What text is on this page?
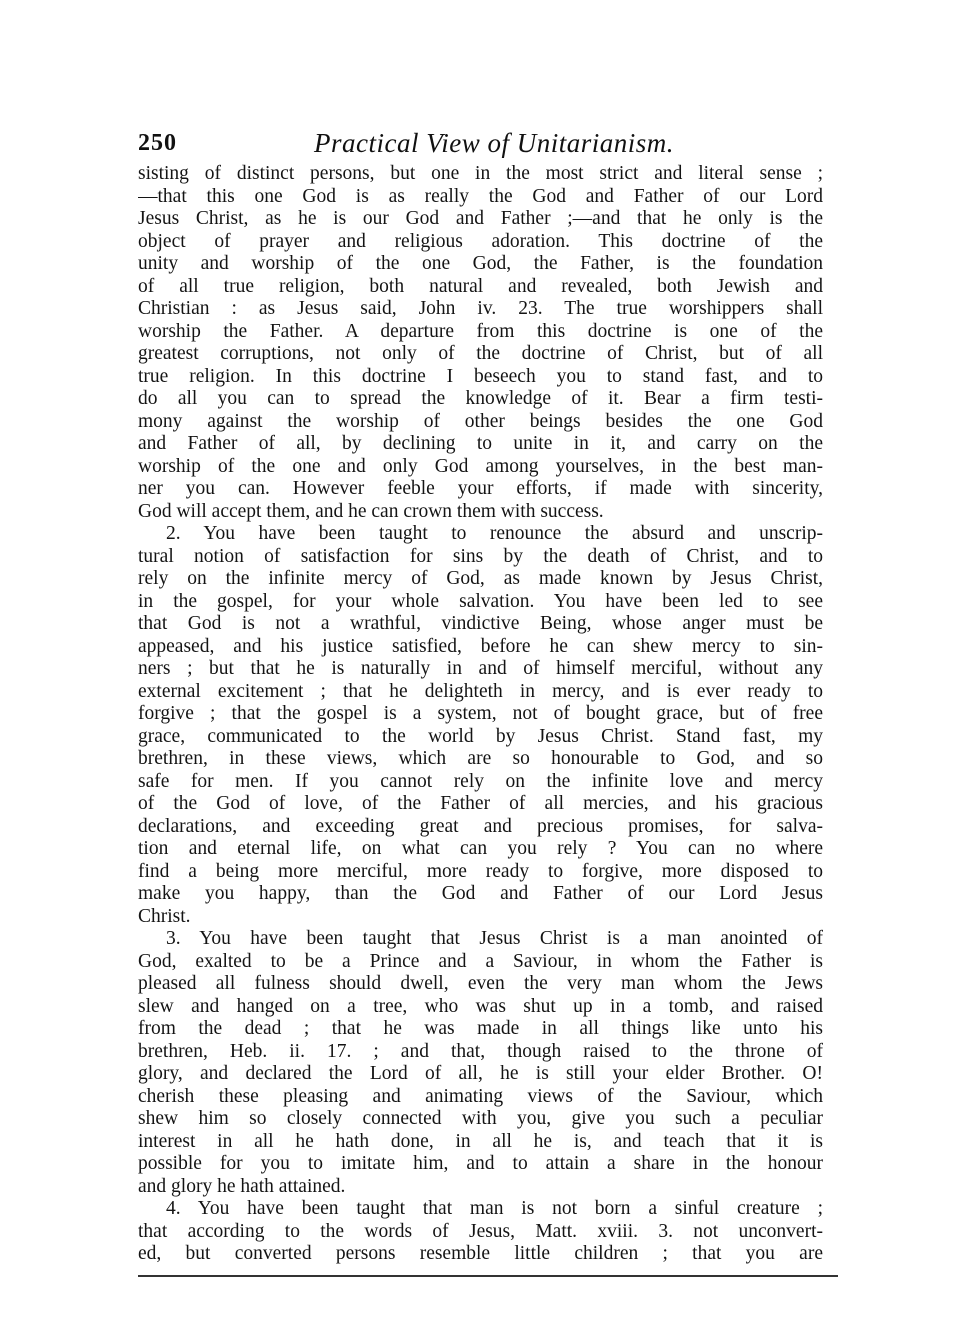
250	Practical View of Unitarianism.
sisting of distinct persons, but one in the most strict and literal sense ;
—that this one God is as really the God and Father of our Lord
Jesus Christ, as he is our God and Father ;—and that he only is the
object of prayer and religious adoration. This doctrine of the
unity and worship of the one God, the Father, is the foundation
of all true religion, both natural and revealed, both Jewish and
Christian : as Jesus said, John iv. 23. The true worshippers shall
worship the Father. A departure from this doctrine is one of the
greatest corruptions, not only of the doctrine of Christ, but of all
true religion. In this doctrine I beseech you to stand fast, and to
do all you can to spread the knowledge of it. Bear a firm testi-
mony against the worship of other beings besides the one God
and Father of all, by declining to unite in it, and carry on the
worship of the one and only God among yourselves, in the best man-
ner you can. However feeble your efforts, if made with sincerity,
God will accept them, and he can crown them with success.
2. You have been taught to renounce the absurd and unscrip-
tural notion of satisfaction for sins by the death of Christ, and to
rely on the infinite mercy of God, as made known by Jesus Christ,
in the gospel, for your whole salvation. You have been led to see
that God is not a wrathful, vindictive Being, whose anger must be
appeased, and his justice satisfied, before he can shew mercy to sin-
ners ; but that he is naturally in and of himself merciful, without any
external excitement ; that he delighteth in mercy, and is ever ready to
forgive ; that the gospel is a system, not of bought grace, but of free
grace, communicated to the world by Jesus Christ. Stand fast, my
brethren, in these views, which are so honourable to God, and so
safe for men. If you cannot rely on the infinite love and mercy
of the God of love, of the Father of all mercies, and his gracious
declarations, and exceeding great and precious promises, for salva-
tion and eternal life, on what can you rely ? You can no where
find a being more merciful, more ready to forgive, more disposed to
make you happy, than the God and Father of our Lord Jesus
Christ.
3. You have been taught that Jesus Christ is a man anointed of
God, exalted to be a Prince and a Saviour, in whom the Father is
pleased all fulness should dwell, even the very man whom the Jews
slew and hanged on a tree, who was shut up in a tomb, and raised
from the dead ; that he was made in all things like unto his
brethren, Heb. ii. 17. ; and that, though raised to the throne of
glory, and declared the Lord of all, he is still your elder Brother. O!
cherish these pleasing and animating views of the Saviour, which
shew him so closely connected with you, give you such a peculiar
interest in all he hath done, in all he is, and teach that it is
possible for you to imitate him, and to attain a share in the honour
and glory he hath attained.
4. You have been taught that man is not born a sinful creature ;
that according to the words of Jesus, Matt. xviii. 3. not unconvert-
ed, but converted persons resemble little children ; that you are
